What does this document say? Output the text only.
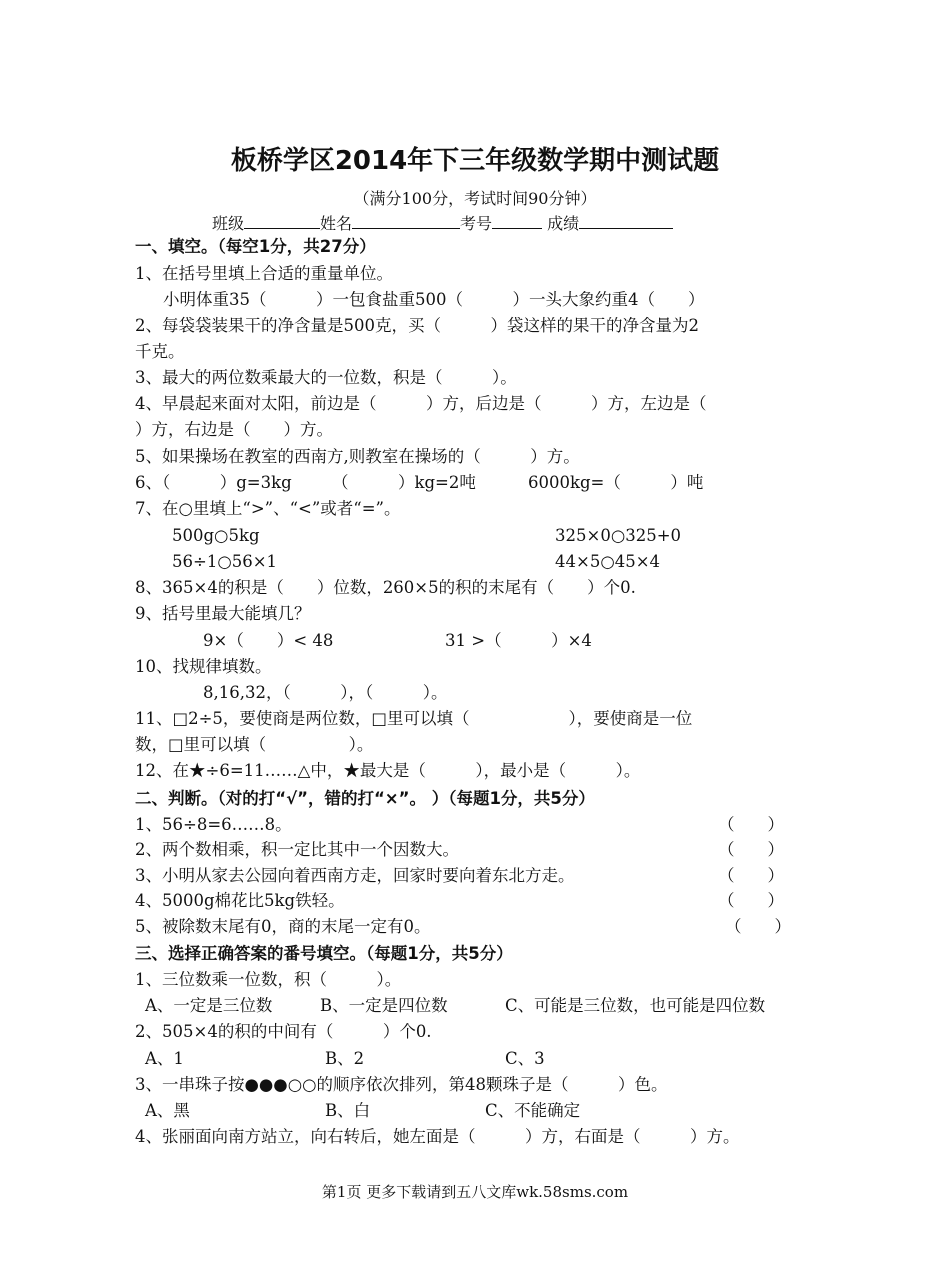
板桥学区2014年下三年级数学期中测试题
（满分100分，考试时间90分钟）
班级	姓名	考号	成绩
一、填空。（每空1分，共27分）
1、在括号里填上合适的重量单位。
小明体重35（　　　）一包食盐重500（　　　）一头大象约重4（　　）
2、每袋袋装果干的净含量是500克，买（　　　）袋这样的果干的净含量为2
千克。
3、最大的两位数乘最大的一位数，积是（　　　）。
4、早晨起来面对太阳，前边是（　　　）方，后边是（　　　）方，左边是（
）方，右边是（　　）方。
5、如果操场在教室的西南方,则教室在操场的（　　　）方。
6、（　　　）g=3kg （　　　）kg=2吨	6000kg=（　　　）吨
7、在○里填上“>”、“<”或者“=”。
500g○5kg	325×0○325+0
56÷1○56×1	44×5○45×4
8、365×4的积是（　　）位数，260×5的积的末尾有（　　）个0.
9、括号里最大能填几？
9×（　　）< 48	31 >（　　　）×4
10、找规律填数。
8,16,32，（　　　），（　　　）。
11、□2÷5，要使商是两位数，□里可以填（　　　　　　），要使商是一位
数，□里可以填（　　　　　）。
12、在★÷6=11……△中，★最大是（　　　），最小是（　　　）。
二、判断。（对的打“√”，错的打“×”。 ）（每题1分，共5分）
1、56÷8=6……8。	（　　）
2、两个数相乘，积一定比其中一个因数大。	（　　）
3、小明从家去公园向着西南方走，回家时要向着东北方走。	（　　）
4、5000g棉花比5kg铁轻。	（　　）
5、被除数末尾有0，商的末尾一定有0。	（　　）
三、选择正确答案的番号填空。（每题1分，共5分）
1、三位数乘一位数，积（　　　）。
A、一定是三位数	B、一定是四位数	C、可能是三位数，也可能是四位数
2、505×4的积的中间有（　　　）个0.
A、1	B、2	C、3
3、一串珠子按●●●○○的顺序依次排列，第48颗珠子是（　　　）色。
A、黑	B、白	C、不能确定
4、张丽面向南方站立，向右转后，她左面是（　　　）方，右面是（　　　）方。
第1页 更多下载请到五八文库wk.58sms.com
